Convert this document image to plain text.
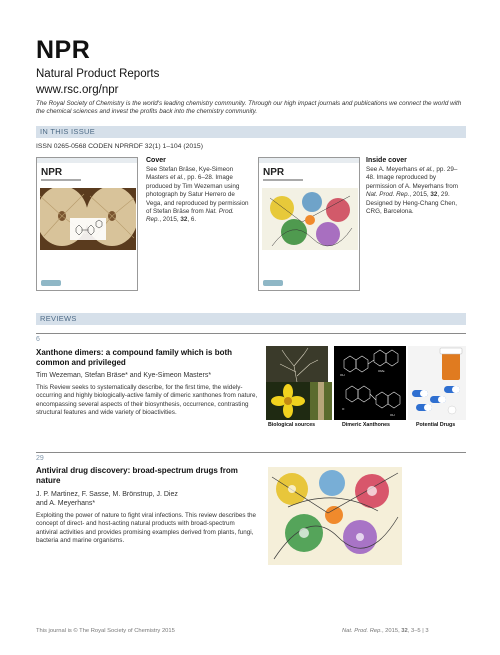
NPR
Natural Product Reports
www.rsc.org/npr
The Royal Society of Chemistry is the world's leading chemistry community. Through our high impact journals and publications we connect the world with the chemical sciences and invest the profits back into the chemistry community.
IN THIS ISSUE
ISSN 0265-0568 CODEN NPRRDF 32(1) 1–104 (2015)
NPR
Cover
See Stefan Bräse, Kye-Simeon Masters et al., pp. 6–28. Image produced by Tim Wezeman using photograph by Satur Herrero de Vega, and reproduced by permission of Stefan Bräse from Nat. Prod. Rep., 2015, 32, 6.
NPR
Inside cover
See A. Meyerhans et al., pp. 29–48. Image reproduced by permission of A. Meyerhans from Nat. Prod. Rep., 2015, 32, 29. Designed by Heng-Chang Chen, CRG, Barcelona.
REVIEWS
6
Xanthone dimers: a compound family which is both common and privileged
Tim Wezeman, Stefan Bräse* and Kye-Simeon Masters*
This Review seeks to systematically describe, for the first time, the widely-occurring and highly biologically-active family of dimeric xanthones from nature, encompassing several aspects of their biosynthesis, occurrence, contrasting structural features and wide variety of bioactivities.
OH
OMe
O
OH
Biological sources	Dimeric Xanthones	Potential Drugs
29
Antiviral drug discovery: broad-spectrum drugs from nature
J. P. Martinez, F. Sasse, M. Brönstrup, J. Diez
and A. Meyerhans*
Exploiting the power of nature to fight viral infections. This review describes the concept of direct- and host-acting natural products with broad-spectrum antiviral activities and provides promising examples derived from plants, fungi, bacteria and marine organisms.
This journal is © The Royal Society of Chemistry 2015	Nat. Prod. Rep., 2015, 32, 3–5 | 3
